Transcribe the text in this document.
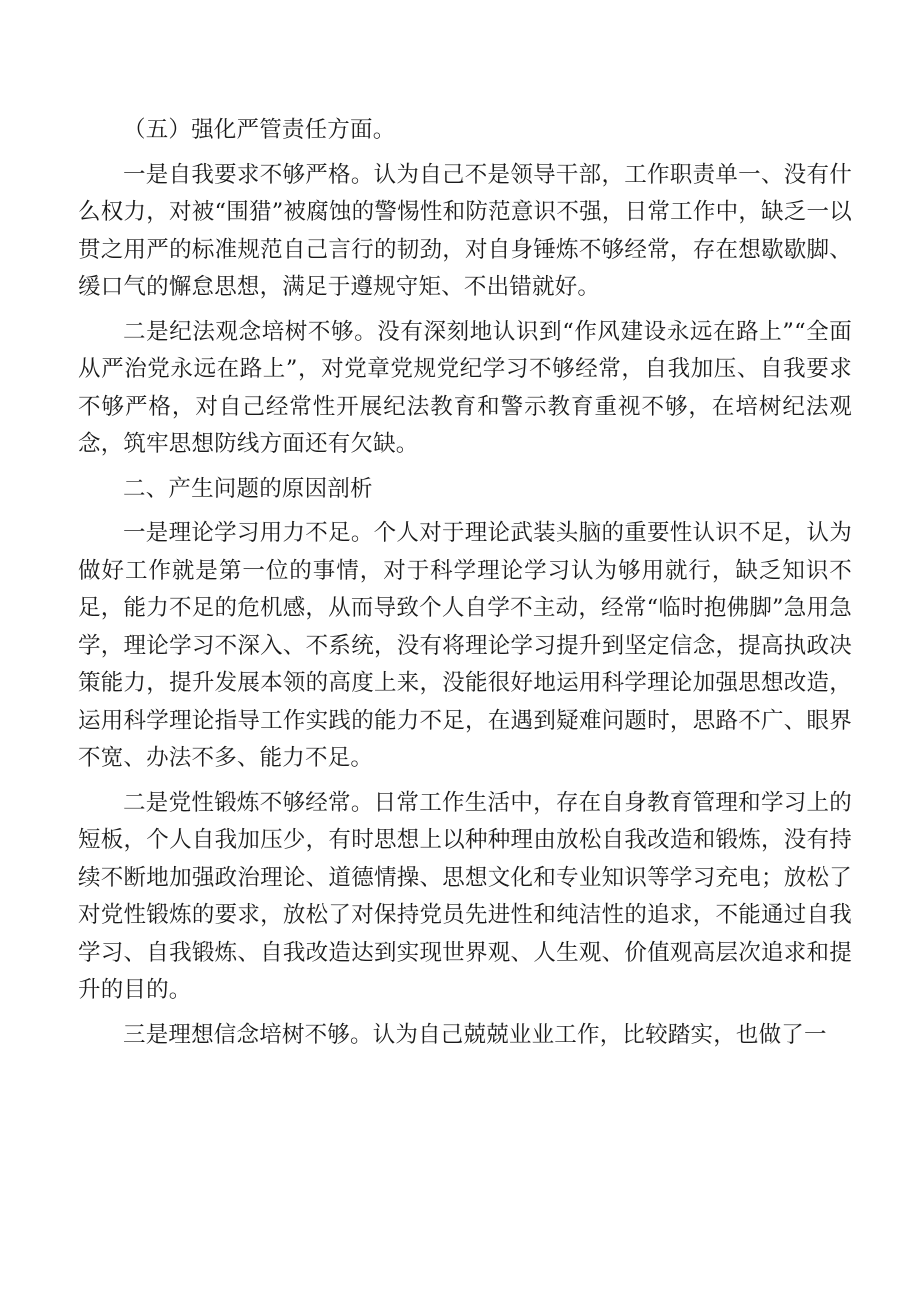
（五）强化严管责任方面。

一是自我要求不够严格。认为自己不是领导干部，工作职责单一、没有什么权力，对被“围猎”被腐蚀的警惕性和防范意识不强，日常工作中，缺乏一以贯之用严的标准规范自己言行的韧劲，对自身锤炼不够经常，存在想歇歇脚、缓口气的懈怠思想，满足于遵规守矩、不出错就好。

二是纪法观念培树不够。没有深刻地认识到“作风建设永远在路上”“全面从严治党永远在路上”，对党章党规党纪学习不够经常，自我加压、自我要求不够严格，对自己经常性开展纪法教育和警示教育重视不够，在培树纪法观念，筑牢思想防线方面还有欠缺。

二、产生问题的原因剖析

一是理论学习用力不足。个人对于理论武装头脑的重要性认识不足，认为做好工作就是第一位的事情，对于科学理论学习认为够用就行，缺乏知识不足，能力不足的危机感，从而导致个人自学不主动，经常“临时抱佛脚”急用急学，理论学习不深入、不系统，没有将理论学习提升到坚定信念，提高执政决策能力，提升发展本领的高度上来，没能很好地运用科学理论加强思想改造，运用科学理论指导工作实践的能力不足，在遇到疑难问题时，思路不广、眼界不宽、办法不多、能力不足。

二是党性锻炼不够经常。日常工作生活中，存在自身教育管理和学习上的短板，个人自我加压少，有时思想上以种种理由放松自我改造和锻炼，没有持续不断地加强政治理论、道德情操、思想文化和专业知识等学习充电；放松了对党性锻炼的要求，放松了对保持党员先进性和纯洁性的追求，不能通过自我学习、自我锻炼、自我改造达到实现世界观、人生观、价值观高层次追求和提升的目的。

三是理想信念培树不够。认为自己兢兢业业工作，比较踏实，也做了一
